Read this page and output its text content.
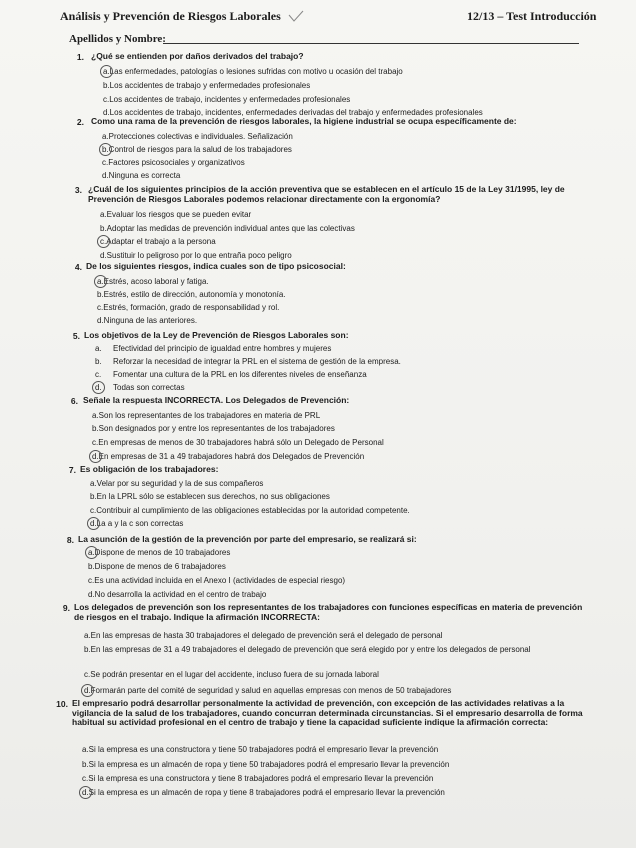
Análisis y Prevención de Riesgos Laborales	12/13 – Test Introducción
Apellidos y Nombre:
1. ¿Qué se entienden por daños derivados del trabajo?
a.Las enfermedades, patologías o lesiones sufridas con motivo u ocasión del trabajo
b.Los accidentes de trabajo y enfermedades profesionales
c.Los accidentes de trabajo, incidentes y enfermedades profesionales
d.Los accidentes de trabajo, incidentes, enfermedades derivadas del trabajo y enfermedades profesionales
2. Como una rama de la prevención de riesgos laborales, la higiene industrial se ocupa específicamente de:
a.Protecciones colectivas e individuales. Señalización
b.Control de riesgos para la salud de los trabajadores
c.Factores psicosociales y organizativos
d.Ninguna es correcta
3. ¿Cuál de los siguientes principios de la acción preventiva que se establecen en el artículo 15 de la Ley 31/1995, ley de Prevención de Riesgos Laborales podemos relacionar directamente con la ergonomía?
a.Evaluar los riesgos que se pueden evitar
b.Adoptar las medidas de prevención individual antes que las colectivas
c.Adaptar el trabajo a la persona
d.Sustituir lo peligroso por lo que entraña poco peligro
4. De los siguientes riesgos, indica cuales son de tipo psicosocial:
a.Estrés, acoso laboral y fatiga.
b.Estrés, estilo de dirección, autonomía y monotonía.
c.Estrés, formación, grado de responsabilidad y rol.
d.Ninguna de las anteriores.
5. Los objetivos de la Ley de Prevención de Riesgos Laborales son:
a. Efectividad del principio de igualdad entre hombres y mujeres
b. Reforzar la necesidad de integrar la PRL en el sistema de gestión de la empresa.
c. Fomentar una cultura de la PRL en los diferentes niveles de enseñanza
d. Todas son correctas
6. Señale la respuesta INCORRECTA. Los Delegados de Prevención:
a.Son los representantes de los trabajadores en materia de PRL
b.Son designados por y entre los representantes de los trabajadores
c.En empresas de menos de 30 trabajadores habrá sólo un Delegado de Personal
d.En empresas de 31 a 49 trabajadores habrá dos Delegados de Prevención
7. Es obligación de los trabajadores:
a.Velar por su seguridad y la de sus compañeros
b.En la LPRL sólo se establecen sus derechos, no sus obligaciones
c.Contribuir al cumplimiento de las obligaciones establecidas por la autoridad competente.
d.La a y la c son correctas
8. La asunción de la gestión de la prevención por parte del empresario, se realizará si:
a.Dispone de menos de 10 trabajadores
b.Dispone de menos de 6 trabajadores
c.Es una actividad incluida en el Anexo I (actividades de especial riesgo)
d.No desarrolla la actividad en el centro de trabajo
9. Los delegados de prevención son los representantes de los trabajadores con funciones específicas en materia de prevención de riesgos en el trabajo. Indique la afirmación INCORRECTA:
a.En las empresas de hasta 30 trabajadores el delegado de prevención será el delegado de personal
b.En las empresas de 31 a 49 trabajadores el delegado de prevención que será elegido por y entre los delegados de personal
c.Se podrán presentar en el lugar del accidente, incluso fuera de su jornada laboral
d.Formarán parte del comité de seguridad y salud en aquellas empresas con menos de 50 trabajadores
10. El empresario podrá desarrollar personalmente la actividad de prevención, con excepción de las actividades relativas a la vigilancia de la salud de los trabajadores, cuando concurran determinada circunstancias. Si el empresario desarrolla de forma habitual su actividad profesional en el centro de trabajo y tiene la capacidad suficiente indique la afirmación correcta:
a.Si la empresa es una constructora y tiene 50 trabajadores podrá el empresario llevar la prevención
b.Si la empresa es un almacén de ropa y tiene 50 trabajadores podrá el empresario llevar la prevención
c.Si la empresa es una constructora y tiene 8 trabajadores podrá el empresario llevar la prevención
d.Si la empresa es un almacén de ropa y tiene 8 trabajadores podrá el empresario llevar la prevención
